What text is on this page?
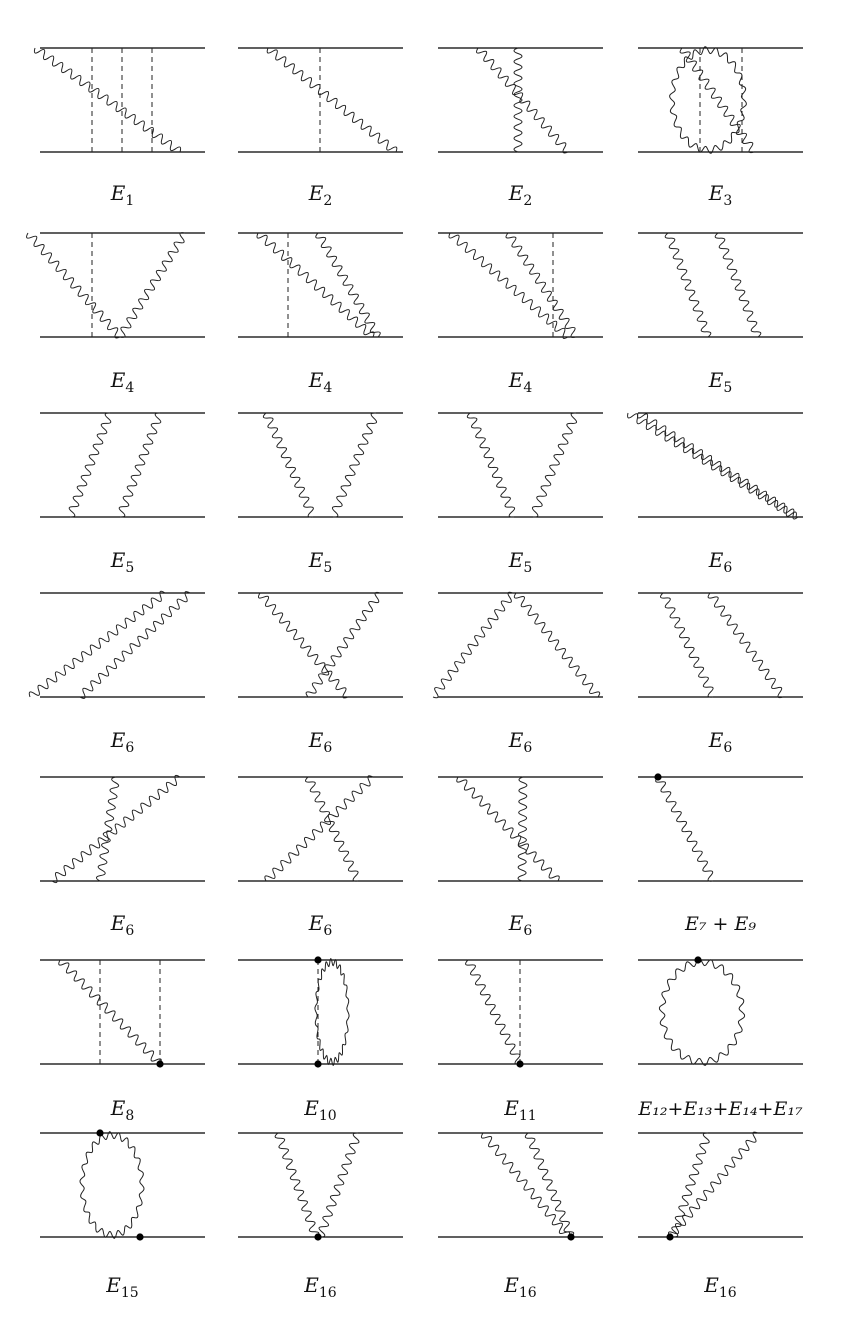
$E_1$	$E_2$	$E_2$	$E_3$
$E_4$	$E_4$	$E_4$	$E_5$
$E_5$	$E_5$	$E_5$	$E_6$
$E_6$	$E_6$	$E_6$	$E_6$
$E_6$	$E_6$	$E_6$	E₇ + E₉
$E_8$	$E_{10}$	$E_{11}$	E₁₂+E₁₃+E₁₄+E₁₇
$E_{15}$	$E_{16}$	$E_{16}$	$E_{16}$
